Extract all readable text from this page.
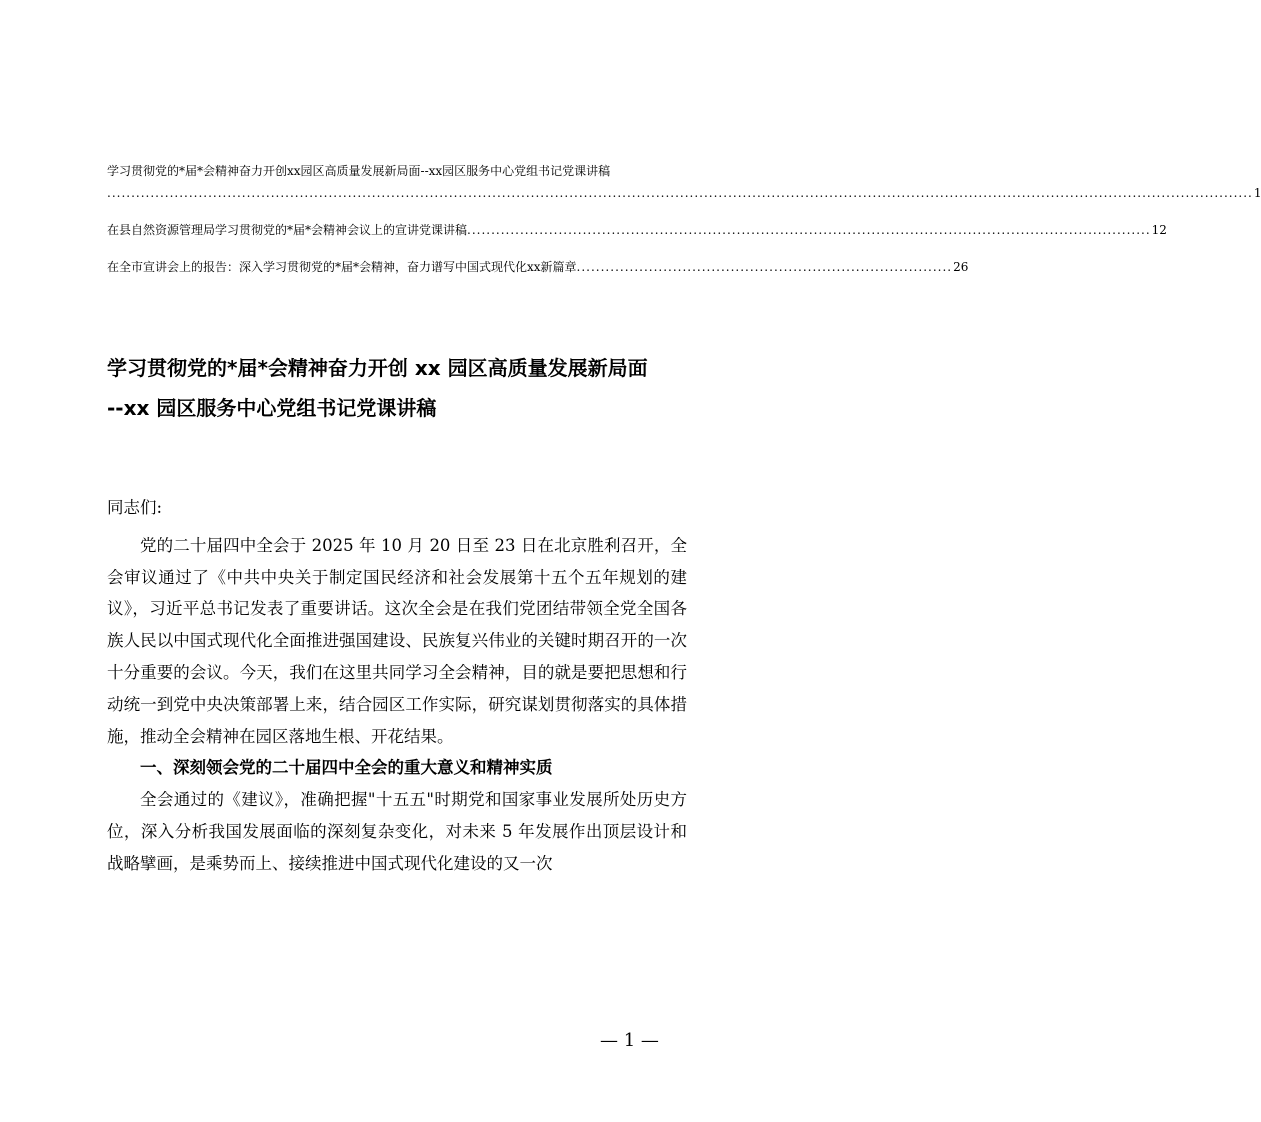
学习贯彻党的*届*会精神奋力开创xx园区高质量发展新局面--xx园区服务中心党组书记党课讲稿
.............................................................................................................................................................................................................................................. 1
在县自然资源管理局学习贯彻党的*届*会精神会议上的宣讲党课讲稿 .............................................................................................................................................. 12
在全市宣讲会上的报告：深入学习贯彻党的*届*会精神，奋力谱写中国式现代化xx新篇章 .............................................................................. 26
学习贯彻党的*届*会精神奋力开创 xx 园区高质量发展新局面
--xx 园区服务中心党组书记党课讲稿

同志们:

党的二十届四中全会于 2025 年 10 月 20 日至 23 日在北京胜利召开，全会审议通过了《中共中央关于制定国民经济和社会发展第十五个五年规划的建议》，习近平总书记发表了重要讲话。这次全会是在我们党团结带领全党全国各族人民以中国式现代化全面推进强国建设、民族复兴伟业的关键时期召开的一次十分重要的会议。今天，我们在这里共同学习全会精神，目的就是要把思想和行动统一到党中央决策部署上来，结合园区工作实际，研究谋划贯彻落实的具体措施，推动全会精神在园区落地生根、开花结果。

一、深刻领会党的二十届四中全会的重大意义和精神实质

全会通过的《建议》，准确把握"十五五"时期党和国家事业发展所处历史方位，深入分析我国发展面临的深刻复杂变化，对未来 5 年发展作出顶层设计和战略擘画，是乘势而上、接续推进中国式现代化建设的又一次

— 1 —
